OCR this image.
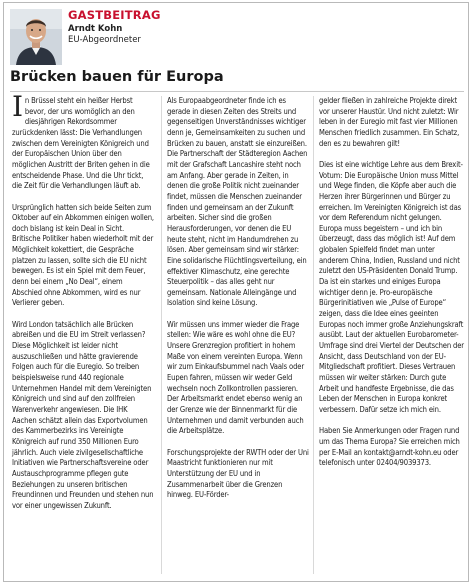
GASTBEITRAG
Arndt Kohn
EU-Abgeordneter
Brücken bauen für Europa

In Brüssel steht ein heißer Herbst bevor, der uns womöglich an den diesjährigen Rekordsommer zurückdenken lässt: Die Verhandlungen zwischen dem Vereinigten Königreich und der Europäischen Union über den möglichen Austritt der Briten gehen in die entscheidende Phase. Und die Uhr tickt, die Zeit für die Verhandlungen läuft ab.

Ursprünglich hatten sich beide Seiten zum Oktober auf ein Abkommen einigen wollen, doch bislang ist kein Deal in Sicht. Britische Politiker haben wiederholt mit der Möglichkeit kokettiert, die Gespräche platzen zu lassen, sollte sich die EU nicht bewegen. Es ist ein Spiel mit dem Feuer, denn bei einem „No Deal“, einem Abschied ohne Abkommen, wird es nur Verlierer geben.

Wird London tatsächlich alle Brücken abreißen und die EU im Streit verlassen? Diese Möglichkeit ist leider nicht auszuschließen und hätte gravierende Folgen auch für die Euregio. So treiben beispielsweise rund 440 regionale Unternehmen Handel mit dem Vereinigten Königreich und sind auf den zollfreien Warenverkehr angewiesen. Die IHK Aachen schätzt allein das Exportvolumen des Kammerbezirks ins Vereinigte Königreich auf rund 350 Millionen Euro jährlich. Auch viele zivilgesellschaftliche Initiativen wie Partnerschaftsvereine oder Austauschprogramme pflegen gute Beziehungen zu unseren britischen Freundinnen und Freunden und stehen nun vor einer ungewissen Zukunft.

Als Europaabgeordneter finde ich es gerade in diesen Zeiten des Streits und gegenseitigen Unverständnisses wichtiger denn je, Gemeinsamkeiten zu suchen und Brücken zu bauen, anstatt sie einzureißen. Die Partnerschaft der Städteregion Aachen mit der Grafschaft Lancashire steht noch am Anfang. Aber gerade in Zeiten, in denen die große Politik nicht zueinander findet, müssen die Menschen zueinander finden und gemeinsam an der Zukunft arbeiten. Sicher sind die großen Herausforderungen, vor denen die EU heute steht, nicht im Handumdrehen zu lösen. Aber gemeinsam sind wir stärker: Eine solidarische Flüchtlingsverteilung, ein effektiver Klimaschutz, eine gerechte Steuerpolitik – das alles geht nur gemeinsam. Nationale Alleingänge und Isolation sind keine Lösung.

Wir müssen uns immer wieder die Frage stellen: Wie wäre es wohl ohne die EU? Unsere Grenzregion profitiert in hohem Maße von einem vereinten Europa. Wenn wir zum Einkaufsbummel nach Vaals oder Eupen fahren, müssen wir weder Geld wechseln noch Zollkontrollen passieren. Der Arbeitsmarkt endet ebenso wenig an der Grenze wie der Binnenmarkt für die Unternehmen und damit verbunden auch die Arbeitsplätze.

Forschungsprojekte der RWTH oder der Uni Maastricht funktionieren nur mit Unterstützung der EU und in Zusammenarbeit über die Grenzen hinweg. EU-Förder-

gelder fließen in zahlreiche Projekte direkt vor unserer Haustür. Und nicht zuletzt: Wir leben in der Euregio mit fast vier Millionen Menschen friedlich zusammen. Ein Schatz, den es zu bewahren gilt!

Dies ist eine wichtige Lehre aus dem Brexit-Votum: Die Europäische Union muss Mittel und Wege finden, die Köpfe aber auch die Herzen ihrer Bürgerinnen und Bürger zu erreichen. Im Vereinigten Königreich ist das vor dem Referendum nicht gelungen. Europa muss begeistern – und ich bin überzeugt, dass das möglich ist! Auf dem globalen Spielfeld findet man unter anderem China, Indien, Russland und nicht zuletzt den US-Präsidenten Donald Trump. Da ist ein starkes und einiges Europa wichtiger denn je. Pro-europäische Bürgerinitiativen wie „Pulse of Europe“ zeigen, dass die Idee eines geeinten Europas noch immer große Anziehungskraft ausübt. Laut der aktuellen Eurobarometer-Umfrage sind drei Viertel der Deutschen der Ansicht, dass Deutschland von der EU-Mitgliedschaft profitiert. Dieses Vertrauen müssen wir weiter stärken: Durch gute Arbeit und handfeste Ergebnisse, die das Leben der Menschen in Europa konkret verbessern. Dafür setze ich mich ein.

Haben Sie Anmerkungen oder Fragen rund um das Thema Europa? Sie erreichen mich per E-Mail an kontakt@arndt-kohn.eu oder telefonisch unter 02404/9039373.
